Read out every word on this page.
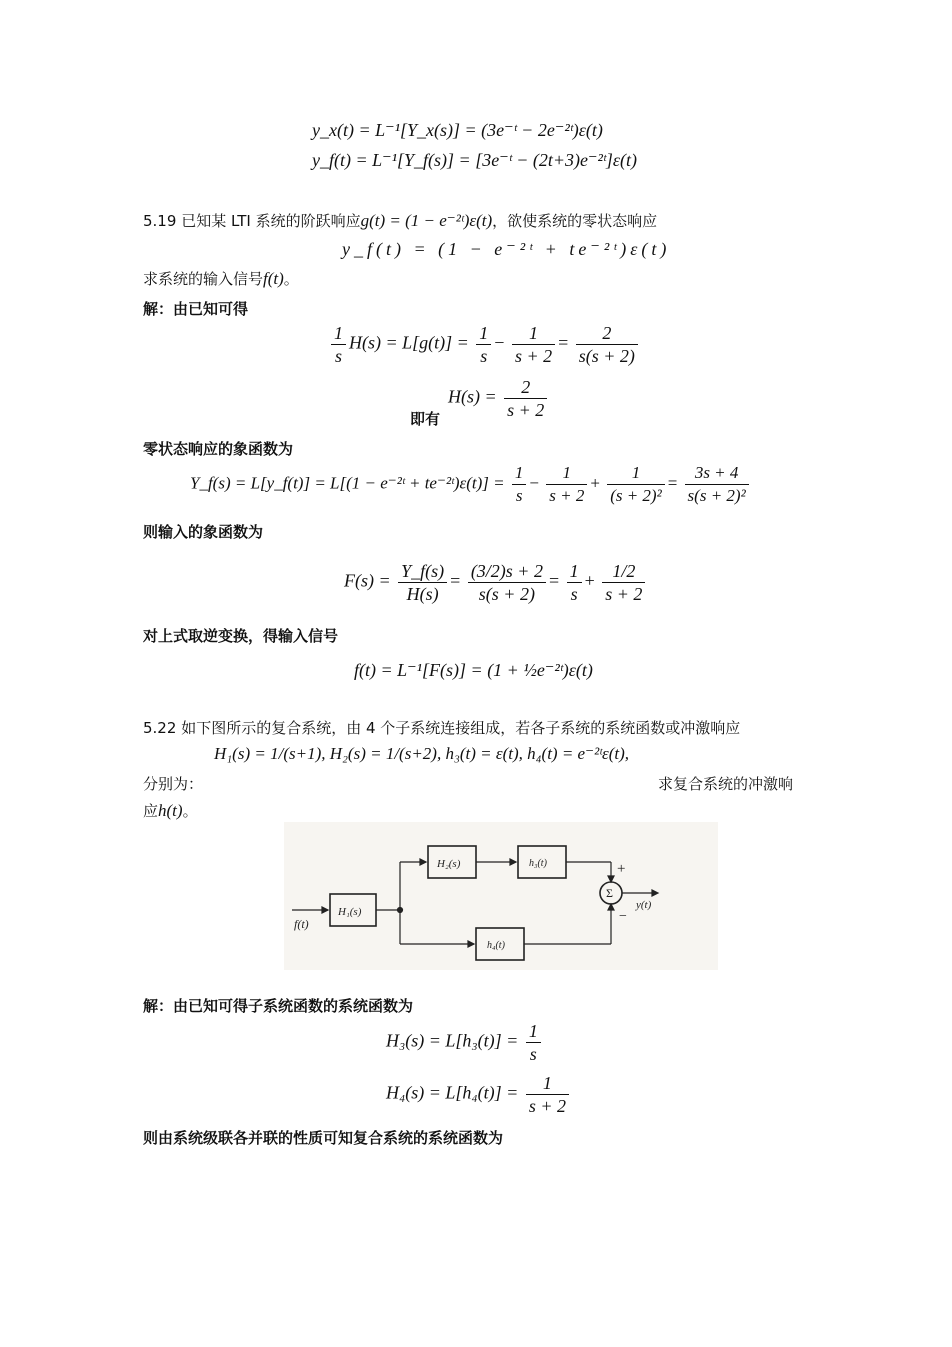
y_x(t) = L⁻¹[Y_x(s)] = (3e⁻ᵗ − 2e⁻²ᵗ)ε(t)
y_f(t) = L⁻¹[Y_f(s)] = [3e⁻ᵗ − (2t+3)e⁻²ᵗ]ε(t)
5.19 已知某 LTI 系统的阶跃响应g(t) = (1 − e⁻²ᵗ)ε(t)，欲使系统的零状态响应
y_f(t) = (1 − e⁻²ᵗ + te⁻²ᵗ)ε(t)
求系统的输入信号f(t)。
解：由已知可得
$\frac{1}{s} H(s) = L[g(t)] = \frac{1}{s} - \frac{1}{s + 2} = \frac{2}{s(s + 2)}$
即有
$H(s) = \frac{2}{s + 2}$
零状态响应的象函数为
Y_f(s) = L[y_f(t)] = L[(1 − e⁻²ᵗ + te⁻²ᵗ)ε(t)] = $\frac{1}{s} - \frac{1}{s + 2} + \frac{1}{\text{(s + 2)²}} = \frac{3s + 4}{\text{s(s + 2)²}}$
则输入的象函数为
$F(s) = \frac{Y\_f(s)}{H(s)} = \frac{(3/2)s + 2}{s(s + 2)} = \frac{1}{s} + \frac{1/2}{s + 2}$
对上式取逆变换，得输入信号
f(t) = L⁻¹[F(s)] = (1 + ½e⁻²ᵗ)ε(t)
5.22 如下图所示的复合系统，由 4 个子系统连接组成，若各子系统的系统函数或冲激响应
分别为：
H₁(s) = 1/(s+1), H₂(s) = 1/(s+2), h₃(t) = ε(t), h₄(t) = e⁻²ᵗε(t),
求复合系统的冲激响
应h(t)。
f(t)
H₁(s)
H₂(s)	h₃(t)
h₄(t)
Σ
+
−
y(t)
解：由已知可得子系统函数的系统函数为
$H_3(s) = L[h_3(t)] = \frac{1}{s}$
$H_4(s) = L[h_4(t)] = \frac{1}{s + 2}$
则由系统级联各并联的性质可知复合系统的系统函数为
